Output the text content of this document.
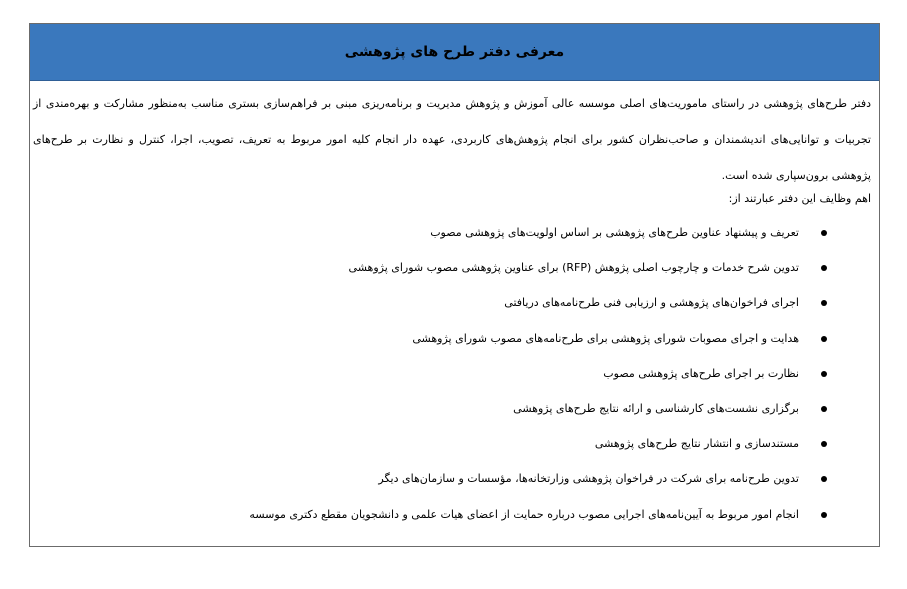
معرفی دفتر طرح های پژوهشی
دفتر طرح‌های پژوهشی در راستای ماموریت‌های اصلی موسسه عالی آموزش و پژوهش مدیریت و برنامه‌ریزی مبنی بر فراهم‌سازی بستری مناسب به‌منظور مشارکت و بهره‌مندی از تجربیات و توانایی‌های اندیشمندان و صاحب‌نظران کشور برای انجام پژوهش‌های کاربردی، عهده دار انجام کلیه امور مربوط به تعریف، تصویب، اجرا، کنترل و نظارت بر طرح‌های پژوهشی برون‌سپاری شده است.
اهم وظایف این دفتر عبارتند از:
تعریف و پیشنهاد عناوین طرح‌های پژوهشی بر اساس اولویت‌های پژوهشی مصوب
تدوین شرح خدمات و چارچوب اصلی پژوهش (RFP) برای عناوین پژوهشی مصوب شورای پژوهشی
اجرای فراخوان‌های پژوهشی و ارزیابی فنی طرح‌نامه‌های دریافتی
هدایت و اجرای مصوبات شورای پژوهشی برای طرح‌نامه‌های مصوب شورای پژوهشی
نظارت بر اجرای طرح‌های پژوهشی مصوب
برگزاری نشست‌های کارشناسی و ارائه نتایج طرح‌های پژوهشی
مستندسازی و انتشار نتایج طرح‌های پژوهشی
تدوین طرح‌نامه برای شرکت در فراخوان پژوهشی وزارتخانه‌ها، مؤسسات و سازمان‌های دیگر
انجام امور مربوط به آیین‌نامه‌های اجرایی مصوب درباره حمایت از اعضای هیات علمی و دانشجویان مقطع دکتری موسسه
